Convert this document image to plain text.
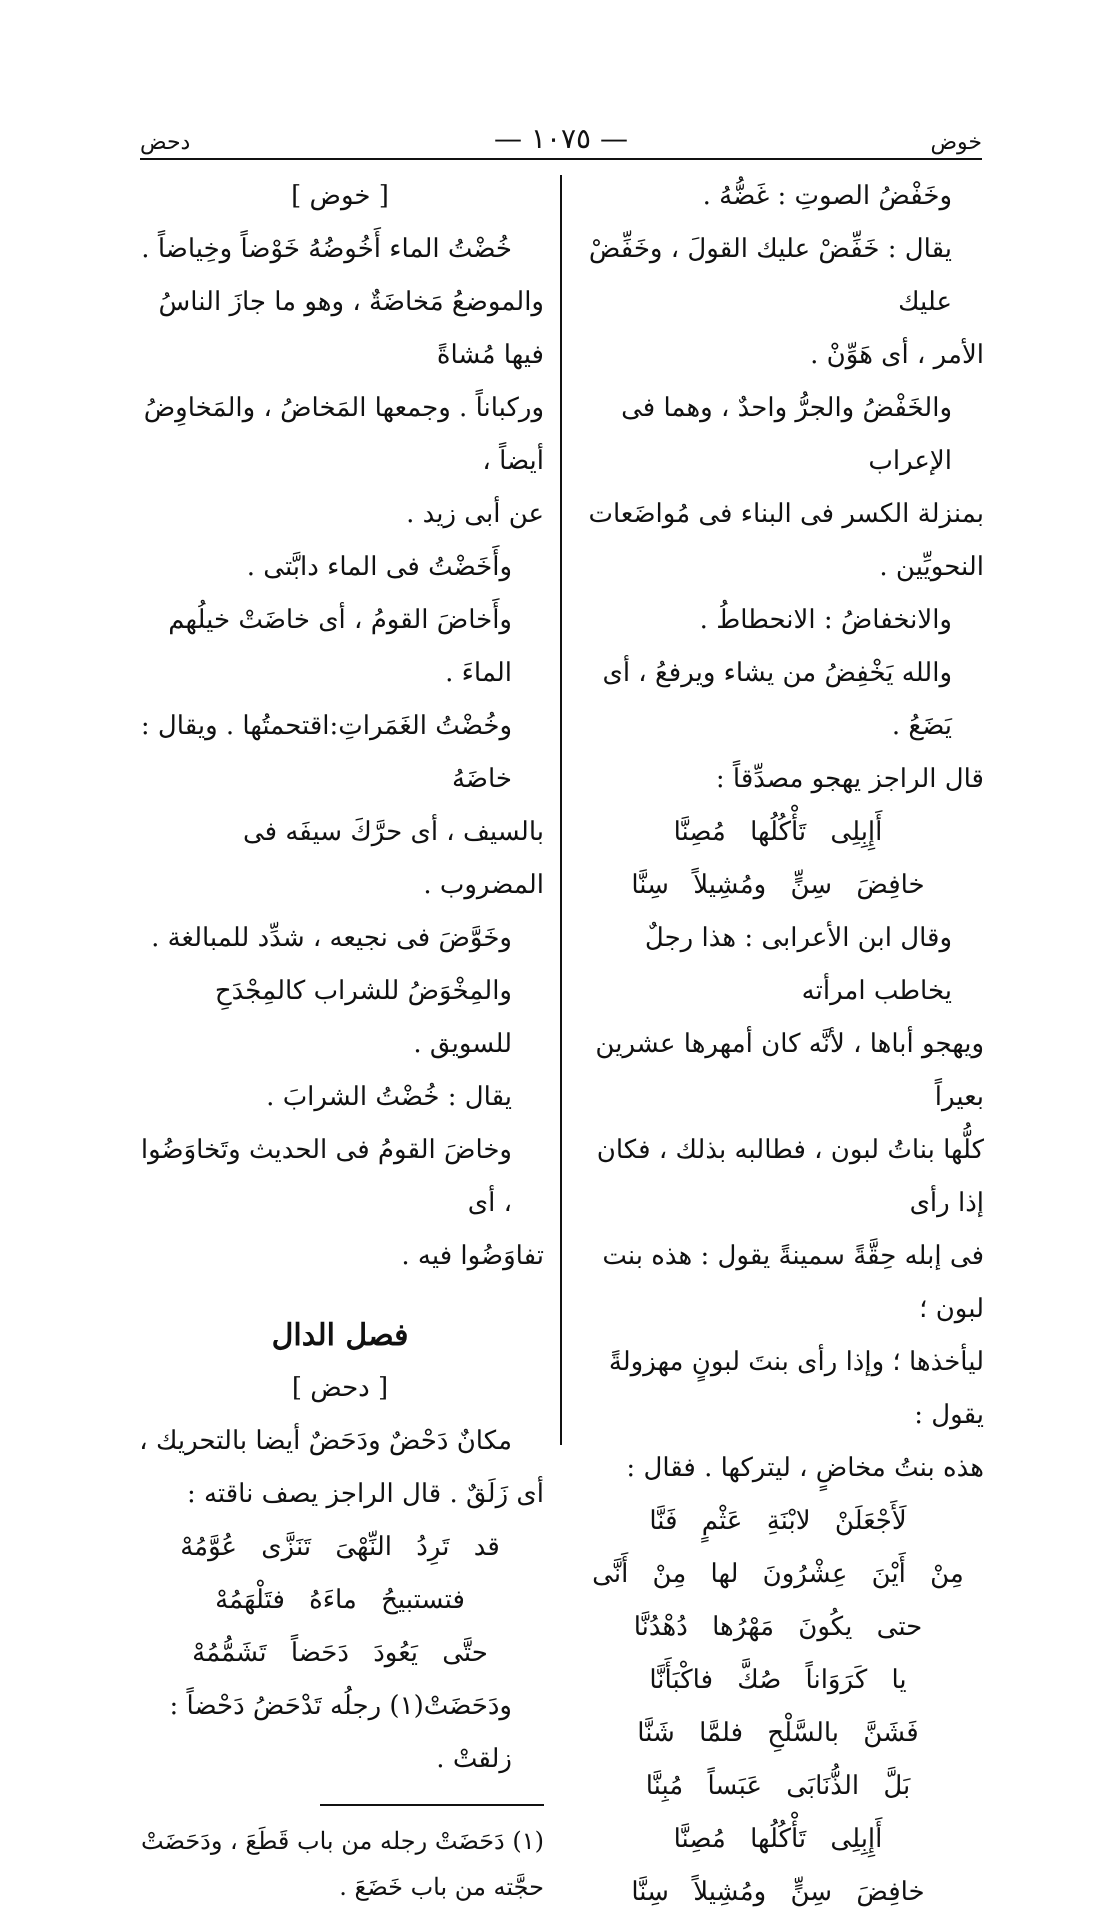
خوض
— ١٠٧٥ —
دحض

وخَفْضُ الصوتِ : غَضُّهُ .

يقال : خَفِّضْ عليك القولَ ، وخَفِّضْ عليك

الأمر ، أى هَوِّنْ .

والخَفْضُ والجرُّ واحدٌ ، وهما فى الإعراب

بمنزلة الكسر فى البناء فى مُواضَعات النحويِّين .

والانخفاضُ : الانحطاطُ .

والله يَخْفِضُ من يشاء ويرفعُ ، أى يَضَعُ .

قال الراجز يهجو مصدِّقاً :

أَإِبِلِى تَأْكُلُها مُصِنَّا

خافِضَ سِنٍّ ومُشِيلاً سِنَّا

وقال ابن الأعرابى : هذا رجلٌ يخاطب امرأته

ويهجو أباها ، لأنَّه كان أمهرها عشرين بعيراً

كلُّها بناتُ لبون ، فطالبه بذلك ، فكان إذا رأى

فى إبله حِقَّةً سمينةً يقول : هذه بنت لبون ؛

ليأخذها ؛ وإذا رأى بنتَ لبونٍ مهزولةً يقول :

هذه بنتُ مخاضٍ ، ليتركها . فقال :

لَأَجْعَلَنْ لابْنَةِ عَثْمٍ فَنَّا

مِنْ أَيْنَ عِشْرُونَ لها مِنْ أَنَّى

حتى يكُونَ مَهْرُها دُهْدُنَّا

يا كَرَوَاناً صُكَّ فاكْبَأَنَّا

فَشَنَّ بالسَّلْحِ فلمَّا شَنَّا

بَلَّ الذُّنَابَى عَبَساً مُبِنَّا

أَإِبِلِى تَأْكُلُها مُصِنَّا

خافِضَ سِنٍّ ومُشِيلاً سِنَّا

[ خوض ]

خُضْتُ الماء أَخُوضُهُ خَوْضاً وخِياضاً .

والموضعُ مَخاضَةٌ ، وهو ما جازَ الناسُ فيها مُشاةً

وركباناً . وجمعها المَخاضُ ، والمَخاوِضُ أيضاً ،

عن أبى زيد .

وأَخَضْتُ فى الماء دابَّتى .

وأَخاضَ القومُ ، أى خاضَتْ خيلُهم الماءَ .

وخُضْتُ الغَمَراتِ:اقتحمتُها . ويقال : خاضَهُ

بالسيف ، أى حرَّكَ سيفَه فى المضروب .

وخَوَّضَ فى نجيعه ، شدِّد للمبالغة .

والمِخْوَضُ للشراب كالمِجْدَحِ للسويق .

يقال : خُضْتُ الشرابَ .

وخاضَ القومُ فى الحديث وتَخاوَضُوا ، أى

تفاوَضُوا فيه .

فصل الدال

[ دحض ]

مكانٌ دَحْضٌ ودَحَضٌ أيضا بالتحريك ،

أى زَلَقٌ . قال الراجز يصف ناقته :

قد تَرِدُ النِّهْىَ تَنَزَّى عُوَّمُهْ

فتستبيحُ ماءَهُ فتَلْهَمُهْ

حتَّى يَعُودَ دَحَضاً تَشَمُّمُهْ

ودَحَضَتْ(١) رجلُه تَدْحَضُ دَحْضاً : زلقتْ .

(١) دَحَضَتْ رجله من باب قَطَعَ ، ودَحَضَتْ

حجَّته من باب خَضَعَ .
